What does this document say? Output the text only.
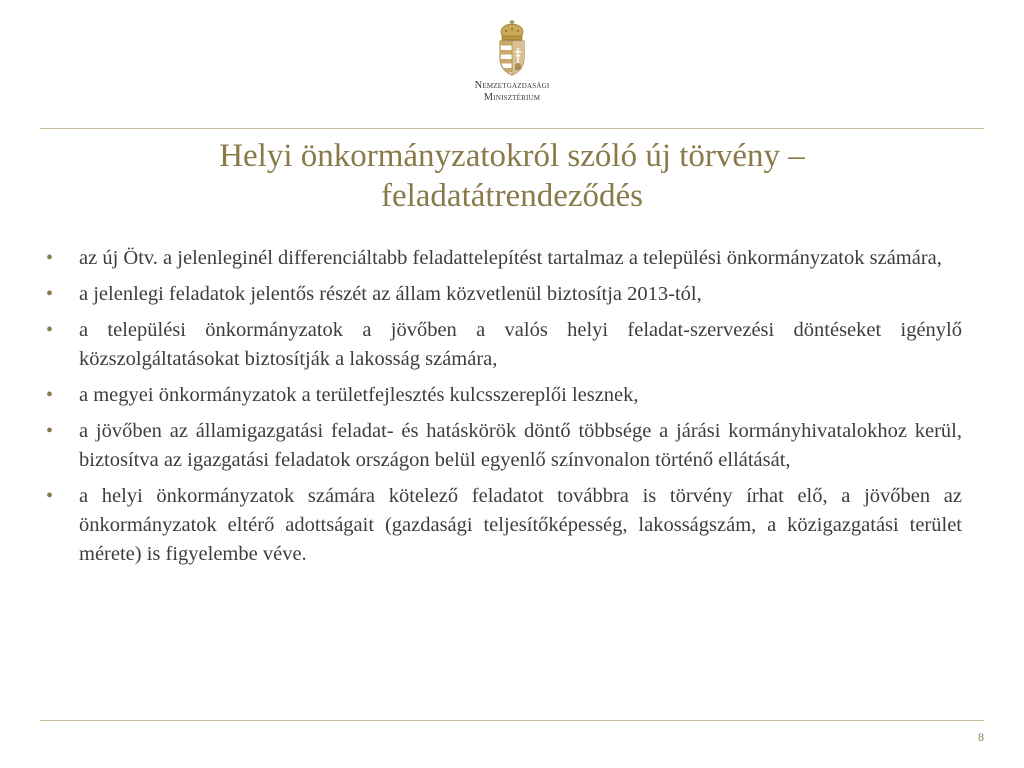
Nemzetgazdasági
Minisztérium
Helyi önkormányzatokról szóló új törvény –
feladatátrendeződés
• az új Ötv. a jelenleginél differenciáltabb feladattelepítést tartalmaz a települési önkormányzatok számára,
• a jelenlegi feladatok jelentős részét az állam közvetlenül biztosítja 2013-tól,
• a települési önkormányzatok a jövőben a valós helyi feladat-szervezési döntéseket igénylő közszolgáltatásokat biztosítják a lakosság számára,
• a megyei önkormányzatok a területfejlesztés kulcsszereplői lesznek,
• a jövőben az államigazgatási feladat- és hatáskörök döntő többsége a járási kormányhivatalokhoz kerül, biztosítva az igazgatási feladatok országon belül egyenlő színvonalon történő ellátását,
• a helyi önkormányzatok számára kötelező feladatot továbbra is törvény írhat elő, a jövőben az önkormányzatok eltérő adottságait (gazdasági teljesítőképesség, lakosságszám, a közigazgatási terület mérete) is figyelembe véve.
8
